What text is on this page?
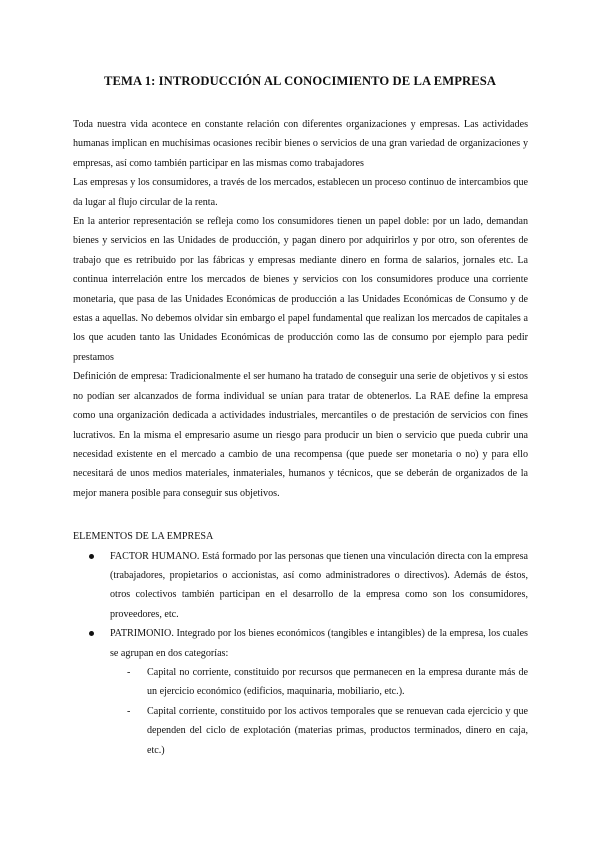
TEMA 1: INTRODUCCIÓN AL CONOCIMIENTO DE LA EMPRESA

Toda nuestra vida acontece en constante relación con diferentes organizaciones y empresas. Las actividades humanas implican en muchísimas ocasiones recibir bienes o servicios de una gran variedad de organizaciones y empresas, así como también participar en las mismas como trabajadores

Las empresas y los consumidores, a través de los mercados, establecen un proceso continuo de intercambios que da lugar al flujo circular de la renta.

En la anterior representación se refleja como los consumidores tienen un papel doble: por un lado, demandan bienes y servicios en las Unidades de producción, y pagan dinero por adquirirlos y por otro, son oferentes de trabajo que es retribuido por las fábricas y empresas mediante dinero en forma de salarios, jornales etc. La continua interrelación entre los mercados de bienes y servicios con los consumidores produce una corriente monetaria, que pasa de las Unidades Económicas de producción a las Unidades Económicas de Consumo y de estas a aquellas. No debemos olvidar sin embargo el papel fundamental que realizan los mercados de capitales a los que acuden tanto las Unidades Económicas de producción como las de consumo por ejemplo para pedir prestamos

Definición de empresa: Tradicionalmente el ser humano ha tratado de conseguir una serie de objetivos y si estos no podían ser alcanzados de forma individual se unían para tratar de obtenerlos. La RAE define la empresa como una organización dedicada a actividades industriales, mercantiles o de prestación de servicios con fines lucrativos. En la misma el empresario asume un riesgo para producir un bien o servicio que pueda cubrir una necesidad existente en el mercado a cambio de una recompensa (que puede ser monetaria o no) y para ello necesitará de unos medios materiales, inmateriales, humanos y técnicos, que se deberán de organizados de la mejor manera posible para conseguir sus objetivos.

ELEMENTOS DE LA EMPRESA

FACTOR HUMANO. Está formado por las personas que tienen una vinculación directa con la empresa (trabajadores, propietarios o accionistas, así como administradores o directivos). Además de éstos, otros colectivos también participan en el desarrollo de la empresa como son los consumidores, proveedores, etc.
PATRIMONIO. Integrado por los bienes económicos (tangibles e intangibles) de la empresa, los cuales se agrupan en dos categorías:
- Capital no corriente, constituido por recursos que permanecen en la empresa durante más de un ejercicio económico (edificios, maquinaria, mobiliario, etc.).
- Capital corriente, constituido por los activos temporales que se renuevan cada ejercicio y que dependen del ciclo de explotación (materias primas, productos terminados, dinero en caja, etc.)
